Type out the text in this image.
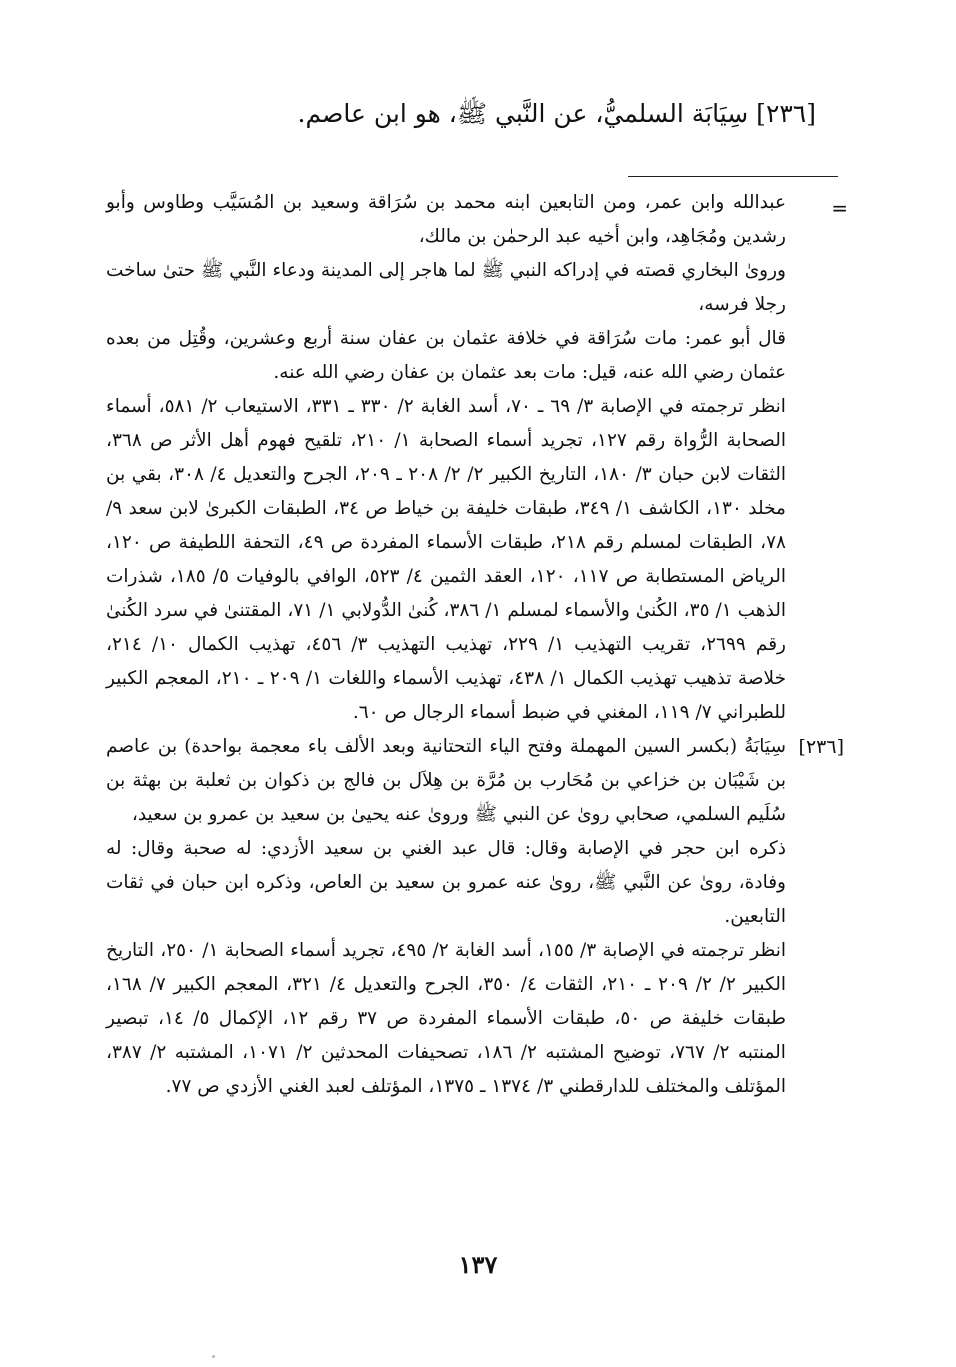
[٢٣٦] سِيَابَة السلميُّ، عن النَّبي ﷺ، هو ابن عاصم.
=

عبدالله وابن عمر، ومن التابعين ابنه محمد بن سُرَاقة وسعيد بن المُسَيَّب وطاوس وأبو رشدين ومُجَاهِد، وابن أخيه عبد الرحمٰن بن مالك،

وروىٰ البخاري قصته في إدراكه النبي ﷺ لما هاجر إلى المدينة ودعاء النَّبي ﷺ حتىٰ ساخت رجلا فرسه،

قال أبو عمر: مات سُرَاقة في خلافة عثمان بن عفان سنة أربع وعشرين، وقُتِل من بعده عثمان رضي الله عنه، قيل: مات بعد عثمان بن عفان رضي الله عنه.

انظر ترجمته في الإصابة ٣/ ٦٩ ـ ٧٠، أسد الغابة ٢/ ٣٣٠ ـ ٣٣١، الاستيعاب ٢/ ٥٨١، أسماء الصحابة الرُّواة رقم ١٢٧، تجريد أسماء الصحابة ١/ ٢١٠، تلقيح فهوم أهل الأثر ص ٣٦٨، الثقات لابن حبان ٣/ ١٨٠، التاريخ الكبير ٢/ ٢/ ٢٠٨ ـ ٢٠٩، الجرح والتعديل ٤/ ٣٠٨، بقي بن مخلد ١٣٠، الكاشف ١/ ٣٤٩، طبقات خليفة بن خياط ص ٣٤، الطبقات الكبرىٰ لابن سعد ٩/ ٧٨، الطبقات لمسلم رقم ٢١٨، طبقات الأسماء المفردة ص ٤٩، التحفة اللطيفة ص ١٢٠، الرياض المستطابة ص ١١٧، ١٢٠، العقد الثمين ٤/ ٥٢٣، الوافي بالوفيات ٥/ ١٨٥، شذرات الذهب ١/ ٣٥، الكُنىٰ والأسماء لمسلم ١/ ٣٨٦، كُنىٰ الدُّولابي ١/ ٧١، المقتنىٰ في سرد الكُنىٰ رقم ٢٦٩٩، تقريب التهذيب ١/ ٢٢٩، تهذيب التهذيب ٣/ ٤٥٦، تهذيب الكمال ١٠/ ٢١٤، خلاصة تذهيب تهذيب الكمال ١/ ٤٣٨، تهذيب الأسماء واللغات ١/ ٢٠٩ ـ ٢١٠، المعجم الكبير للطبراني ٧/ ١١٩، المغني في ضبط أسماء الرجال ص ٦٠.

[٢٣٦]

سِيَابَةُ (بكسر السين المهملة وفتح الياء التحتانية وبعد الألف باء معجمة بواحدة) بن عاصم بن شَيْبَان بن خزاعي بن مُحَارب بن مُرَّة بن هِلاَل بن فالج بن ذكوان بن ثعلبة بن بهثة بن سُلَيم السلمي، صحابي روىٰ عن النبي ﷺ وروىٰ عنه يحيىٰ بن سعيد بن عمرو بن سعيد،

ذكره ابن حجر في الإصابة وقال: قال عبد الغني بن سعيد الأزدي: له صحبة وقال: له وفادة، روىٰ عن النَّبي ﷺ، روىٰ عنه عمرو بن سعيد بن العاص، وذكره ابن حبان في ثقات التابعين.

انظر ترجمته في الإصابة ٣/ ١٥٥، أسد الغابة ٢/ ٤٩٥، تجريد أسماء الصحابة ١/ ٢٥٠، التاريخ الكبير ٢/ ٢/ ٢٠٩ ـ ٢١٠، الثقات ٤/ ٣٥٠، الجرح والتعديل ٤/ ٣٢١، المعجم الكبير ٧/ ١٦٨، طبقات خليفة ص ٥٠، طبقات الأسماء المفردة ص ٣٧ رقم ١٢، الإكمال ٥/ ١٤، تبصير المنتبه ٢/ ٧٦٧، توضيح المشتبه ٢/ ١٨٦، تصحيفات المحدثين ٢/ ١٠٧١، المشتبه ٢/ ٣٨٧، المؤتلف والمختلف للدارقطني ٣/ ١٣٧٤ ـ ١٣٧٥، المؤتلف لعبد الغني الأزدي ص ٧٧.

١٣٧
